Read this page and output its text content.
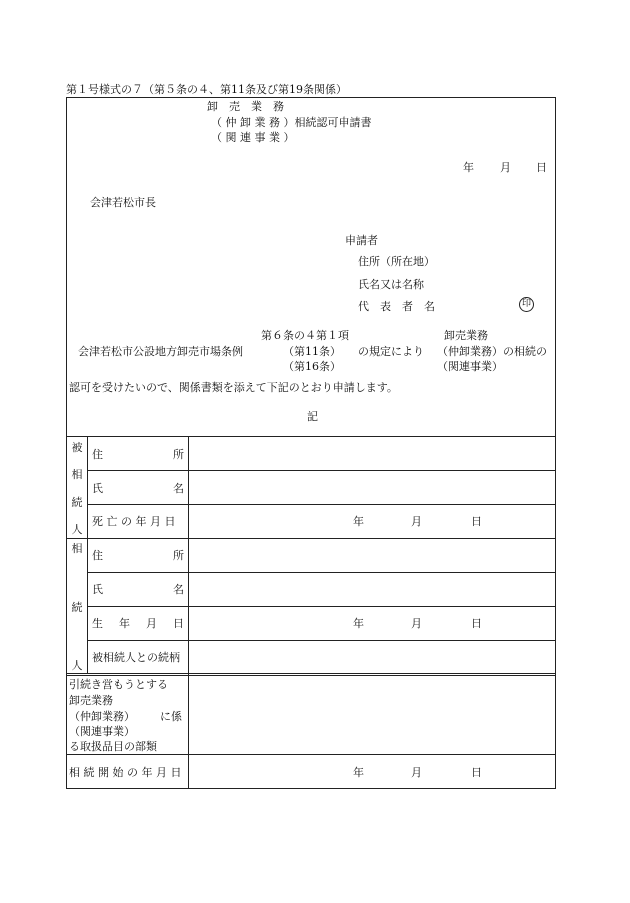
第１号様式の７（第５条の４、第11条及び第19条関係）
卸　売　業　務
（ 仲 卸 業 務 ）相続認可申請書
（ 関 連 事 業 ）
年 月 日
会津若松市長
申請者
住所（所在地）
氏名又は名称
代　表　者　名	印
会津若松市公設地方卸売市場条例
第６条の４第１項
（第11条）
（第16条）
の規定により
卸売業務
（仲卸業務）
（関連事業）
の相続の
認可を受けたいので、関係書類を添えて下記のとおり申請します。
記
被
相
続
人
住	所
氏	名
死 亡 の 年 月 日	年	月	日
相
続
人
住	所
氏	名
生 年 月 日	年	月	日
被相続人との続柄
引続き営もうとする
卸売業務
（仲卸業務） に係
（関連事業）
る取扱品目の部類
相 続 開 始 の 年 月 日	年	月	日
